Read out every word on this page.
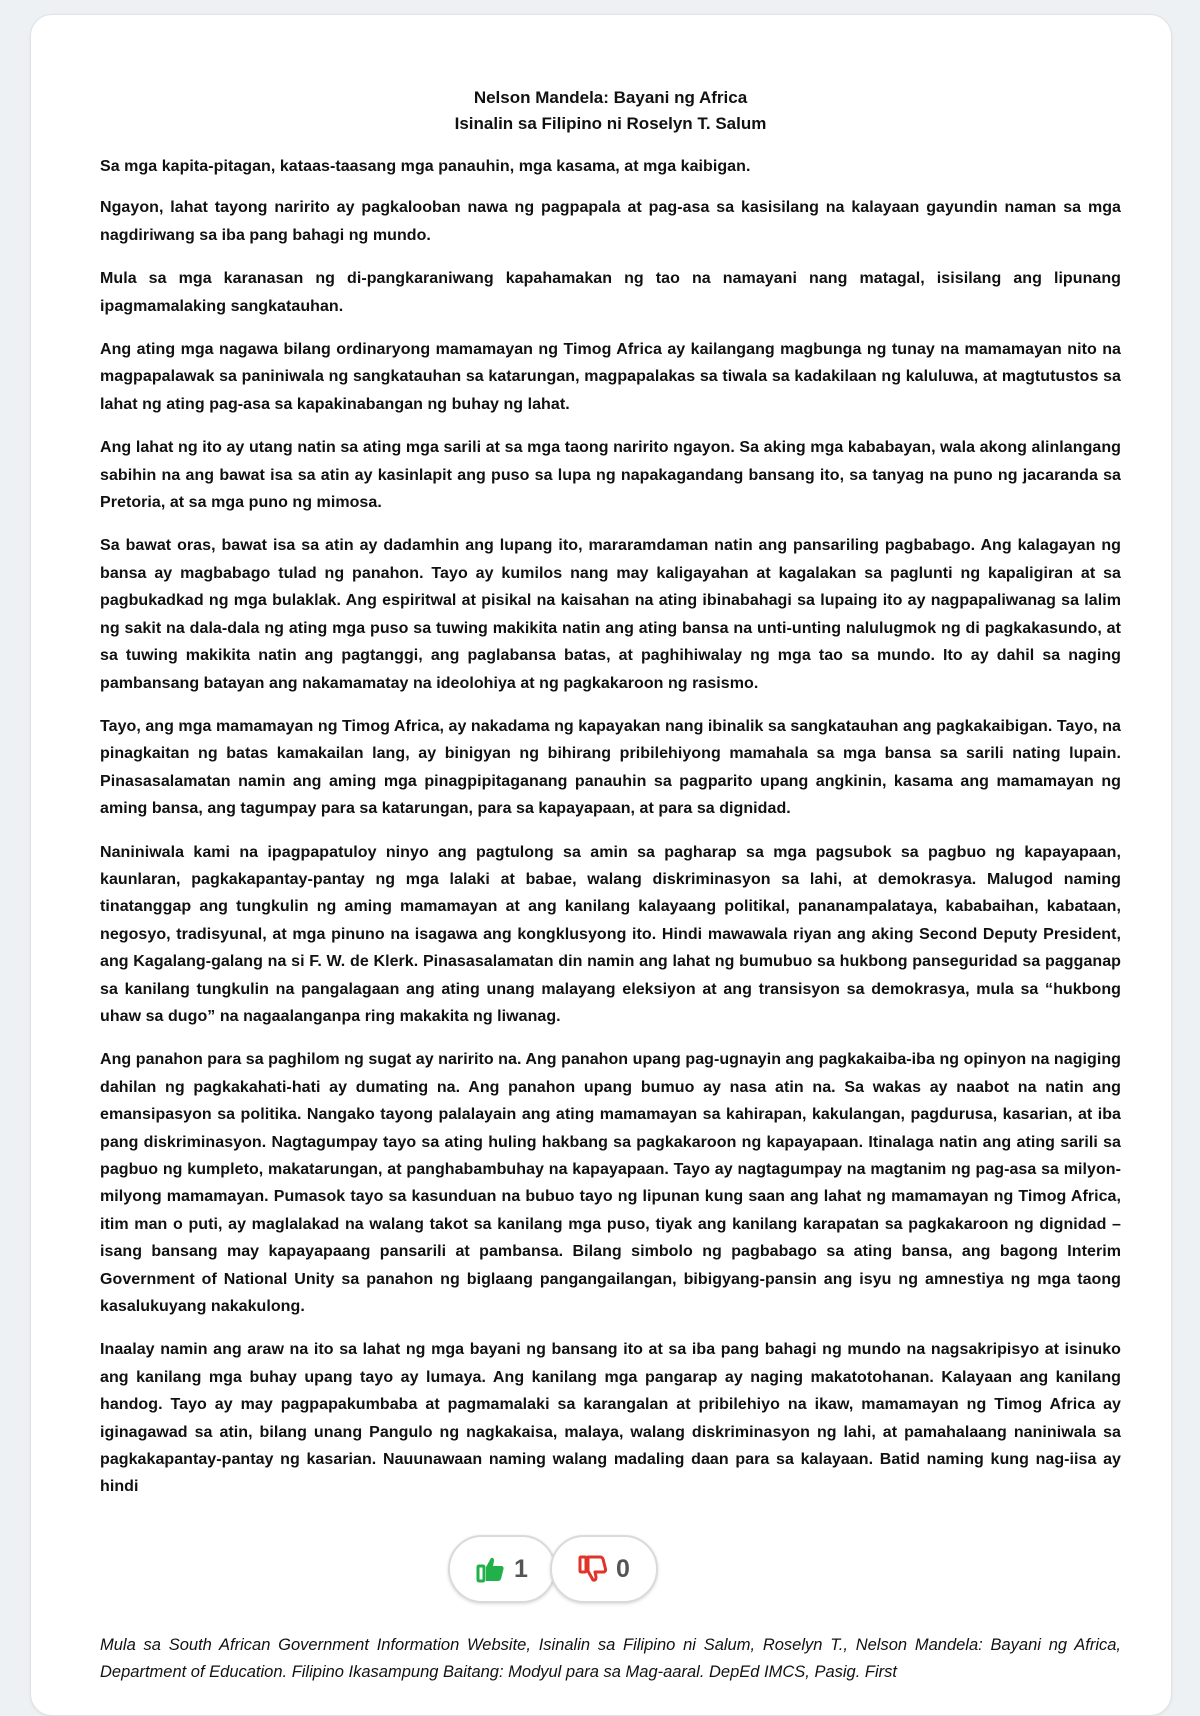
Nelson Mandela: Bayani ng Africa
Isinalin sa Filipino ni Roselyn T. Salum

Sa mga kapita-pitagan, kataas-taasang mga panauhin, mga kasama, at mga kaibigan.

Ngayon, lahat tayong naririto ay pagkalooban nawa ng pagpapala at pag-asa sa kasisilang na kalayaan gayundin naman sa mga nagdiriwang sa iba pang bahagi ng mundo.

Mula sa mga karanasan ng di-pangkaraniwang kapahamakan ng tao na namayani nang matagal, isisilang ang lipunang ipagmamalaking sangkatauhan.

Ang ating mga nagawa bilang ordinaryong mamamayan ng Timog Africa ay kailangang magbunga ng tunay na mamamayan nito na magpapalawak sa paniniwala ng sangkatauhan sa katarungan, magpapalakas sa tiwala sa kadakilaan ng kaluluwa, at magtutustos sa lahat ng ating pag-asa sa kapakinabangan ng buhay ng lahat.

Ang lahat ng ito ay utang natin sa ating mga sarili at sa mga taong naririto ngayon. Sa aking mga kababayan, wala akong alinlangang sabihin na ang bawat isa sa atin ay kasinlapit ang puso sa lupa ng napakagandang bansang ito, sa tanyag na puno ng jacaranda sa Pretoria, at sa mga puno ng mimosa.

Sa bawat oras, bawat isa sa atin ay dadamhin ang lupang ito, mararamdaman natin ang pansariling pagbabago. Ang kalagayan ng bansa ay magbabago tulad ng panahon. Tayo ay kumilos nang may kaligayahan at kagalakan sa paglunti ng kapaligiran at sa pagbukadkad ng mga bulaklak. Ang espiritwal at pisikal na kaisahan na ating ibinabahagi sa lupaing ito ay nagpapaliwanag sa lalim ng sakit na dala-dala ng ating mga puso sa tuwing makikita natin ang ating bansa na unti-unting nalulugmok ng di pagkakasundo, at sa tuwing makikita natin ang pagtanggi, ang paglabansa batas, at paghihiwalay ng mga tao sa mundo. Ito ay dahil sa naging pambansang batayan ang nakamamatay na ideolohiya at ng pagkakaroon ng rasismo.

Tayo, ang mga mamamayan ng Timog Africa, ay nakadama ng kapayakan nang ibinalik sa sangkatauhan ang pagkakaibigan. Tayo, na pinagkaitan ng batas kamakailan lang, ay binigyan ng bihirang pribilehiyong mamahala sa mga bansa sa sarili nating lupain. Pinasasalamatan namin ang aming mga pinagpipitaganang panauhin sa pagparito upang angkinin, kasama ang mamamayan ng aming bansa, ang tagumpay para sa katarungan, para sa kapayapaan, at para sa dignidad.

Naniniwala kami na ipagpapatuloy ninyo ang pagtulong sa amin sa pagharap sa mga pagsubok sa pagbuo ng kapayapaan, kaunlaran, pagkakapantay-pantay ng mga lalaki at babae, walang diskriminasyon sa lahi, at demokrasya. Malugod naming tinatanggap ang tungkulin ng aming mamamayan at ang kanilang kalayaang politikal, pananampalataya, kababaihan, kabataan, negosyo, tradisyunal, at mga pinuno na isagawa ang kongklusyong ito. Hindi mawawala riyan ang aking Second Deputy President, ang Kagalang-galang na si F. W. de Klerk. Pinasasalamatan din namin ang lahat ng bumubuo sa hukbong panseguridad sa pagganap sa kanilang tungkulin na pangalagaan ang ating unang malayang eleksiyon at ang transisyon sa demokrasya, mula sa “hukbong uhaw sa dugo” na nagaalanganpa ring makakita ng liwanag.

Ang panahon para sa paghilom ng sugat ay naririto na. Ang panahon upang pag-ugnayin ang pagkakaiba-iba ng opinyon na nagiging dahilan ng pagkakahati-hati ay dumating na. Ang panahon upang bumuo ay nasa atin na. Sa wakas ay naabot na natin ang emansipasyon sa politika. Nangako tayong palalayain ang ating mamamayan sa kahirapan, kakulangan, pagdurusa, kasarian, at iba pang diskriminasyon. Nagtagumpay tayo sa ating huling hakbang sa pagkakaroon ng kapayapaan. Itinalaga natin ang ating sarili sa pagbuo ng kumpleto, makatarungan, at panghabambuhay na kapayapaan. Tayo ay nagtagumpay na magtanim ng pag-asa sa milyon-milyong mamamayan. Pumasok tayo sa kasunduan na bubuo tayo ng lipunan kung saan ang lahat ng mamamayan ng Timog Africa, itim man o puti, ay maglalakad na walang takot sa kanilang mga puso, tiyak ang kanilang karapatan sa pagkakaroon ng dignidad – isang bansang may kapayapaang pansarili at pambansa. Bilang simbolo ng pagbabago sa ating bansa, ang bagong Interim Government of National Unity sa panahon ng biglaang pangangailangan, bibigyang-pansin ang isyu ng amnestiya ng mga taong kasalukuyang nakakulong.

Inaalay namin ang araw na ito sa lahat ng mga bayani ng bansang ito at sa iba pang bahagi ng mundo na nagsakripisyo at isinuko ang kanilang mga buhay upang tayo ay lumaya. Ang kanilang mga pangarap ay naging makatotohanan. Kalayaan ang kanilang handog. Tayo ay may pagpapakumbaba at pagmamalaki sa karangalan at pribilehiyo na ikaw, mamamayan ng Timog Africa ay iginagawad sa atin, bilang unang Pangulo ng nagkakaisa, malaya, walang diskriminasyon ng lahi, at pamahalaang naniniwala sa pagkakapantay-pantay ng kasarian. Nauunawaan naming walang madaling daan para sa kalayaan. Batid naming kung nag-iisa ay hindi

Mula sa South African Government Information Website, Isinalin sa Filipino ni Salum, Roselyn T., Nelson Mandela: Bayani ng Africa, Department of Education. Filipino Ikasampung Baitang: Modyul para sa Mag-aaral. DepEd IMCS, Pasig. First
1	0
